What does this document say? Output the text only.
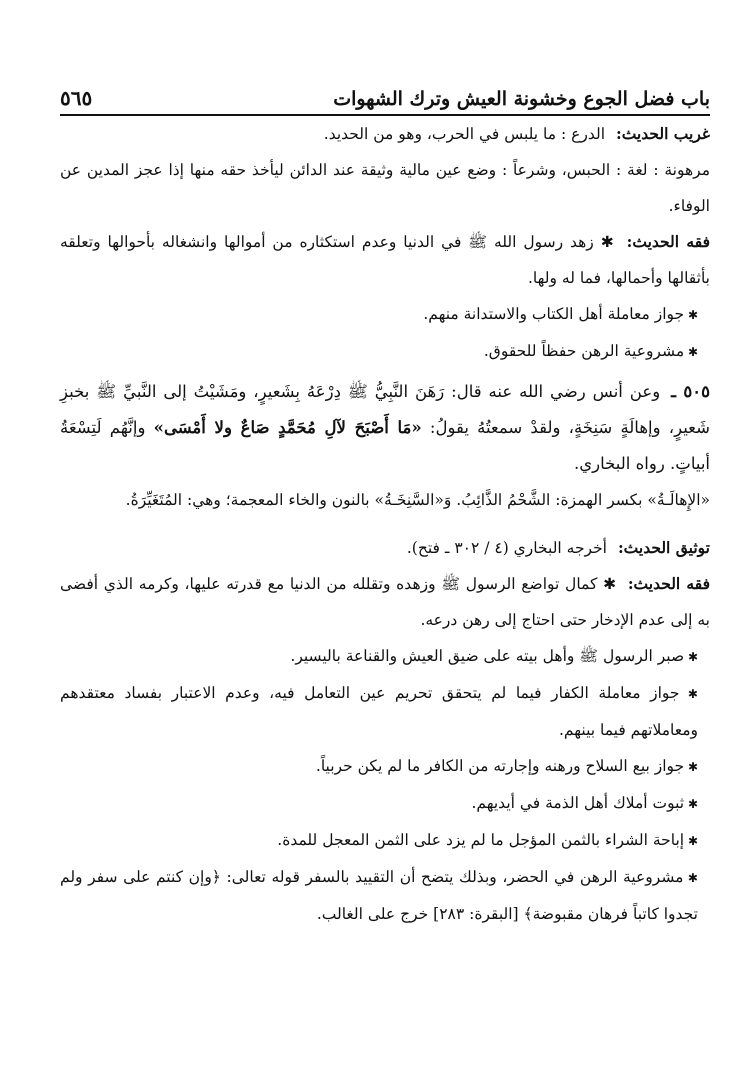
باب فضل الجوع وخشونة العيش وترك الشهوات
٥٦٥

غريب الحديث: الدرع : ما يلبس في الحرب، وهو من الحديد.

مرهونة : لغة : الحبس، وشرعاً : وضع عين مالية وثيقة عند الدائن ليأخذ حقه منها إذا عجز المدين عن الوفاء.

فقه الحديث: ✱ زهد رسول الله ﷺ في الدنيا وعدم استكثاره من أموالها وانشغاله بأحوالها وتعلقه بأثقالها وأحمالها، فما له ولها.

✱ جواز معاملة أهل الكتاب والاستدانة منهم.

✱ مشروعية الرهن حفظاً للحقوق.

٥٠٥ ـ وعن أنس رضي الله عنه قال: رَهَنَ النَّبِيُّ ﷺ دِرْعَهُ بِشَعيرٍ، ومَشَيْتُ إلى النَّبيِّ ﷺ بخبزِ شَعيرٍ، وإهالَةٍ سَنِخَةٍ، ولقدْ سمعتُهُ يقولُ: «مَا أَصْبَحَ لآلِ مُحَمَّدٍ صَاعٌ ولا أَمْسَى» وإنَّهُم لَتِسْعَةُ أبياتٍ. رواه البخاري.

«الإِهالَـةُ» بكسر الهمزة: الشَّحْمُ الذَّائِبُ. وَ«السَّنِخَـةُ» بالنون والخاء المعجمة؛ وهي: المُتَغَيِّرَةُ.

توثيق الحديث: أخرجه البخاري (٤ / ٣٠٢ ـ فتح).

فقه الحديث: ✱ كمال تواضع الرسول ﷺ وزهده وتقلله من الدنيا مع قدرته عليها، وكرمه الذي أفضى به إلى عدم الإدخار حتى احتاج إلى رهن درعه.

✱ صبر الرسول ﷺ وأهل بيته على ضيق العيش والقناعة باليسير.

✱ جواز معاملة الكفار فيما لم يتحقق تحريم عين التعامل فيه، وعدم الاعتبار بفساد معتقدهم ومعاملاتهم فيما بينهم.

✱ جواز بيع السلاح ورهنه وإجارته من الكافر ما لم يكن حربياً.

✱ ثبوت أملاك أهل الذمة في أيديهم.

✱ إباحة الشراء بالثمن المؤجل ما لم يزد على الثمن المعجل للمدة.

✱ مشروعية الرهن في الحضر، وبذلك يتضح أن التقييد بالسفر قوله تعالى: ﴿وإن كنتم على سفر ولم تجدوا كاتباً فرهان مقبوضة﴾ [البقرة: ٢٨٣] خرج على الغالب.
